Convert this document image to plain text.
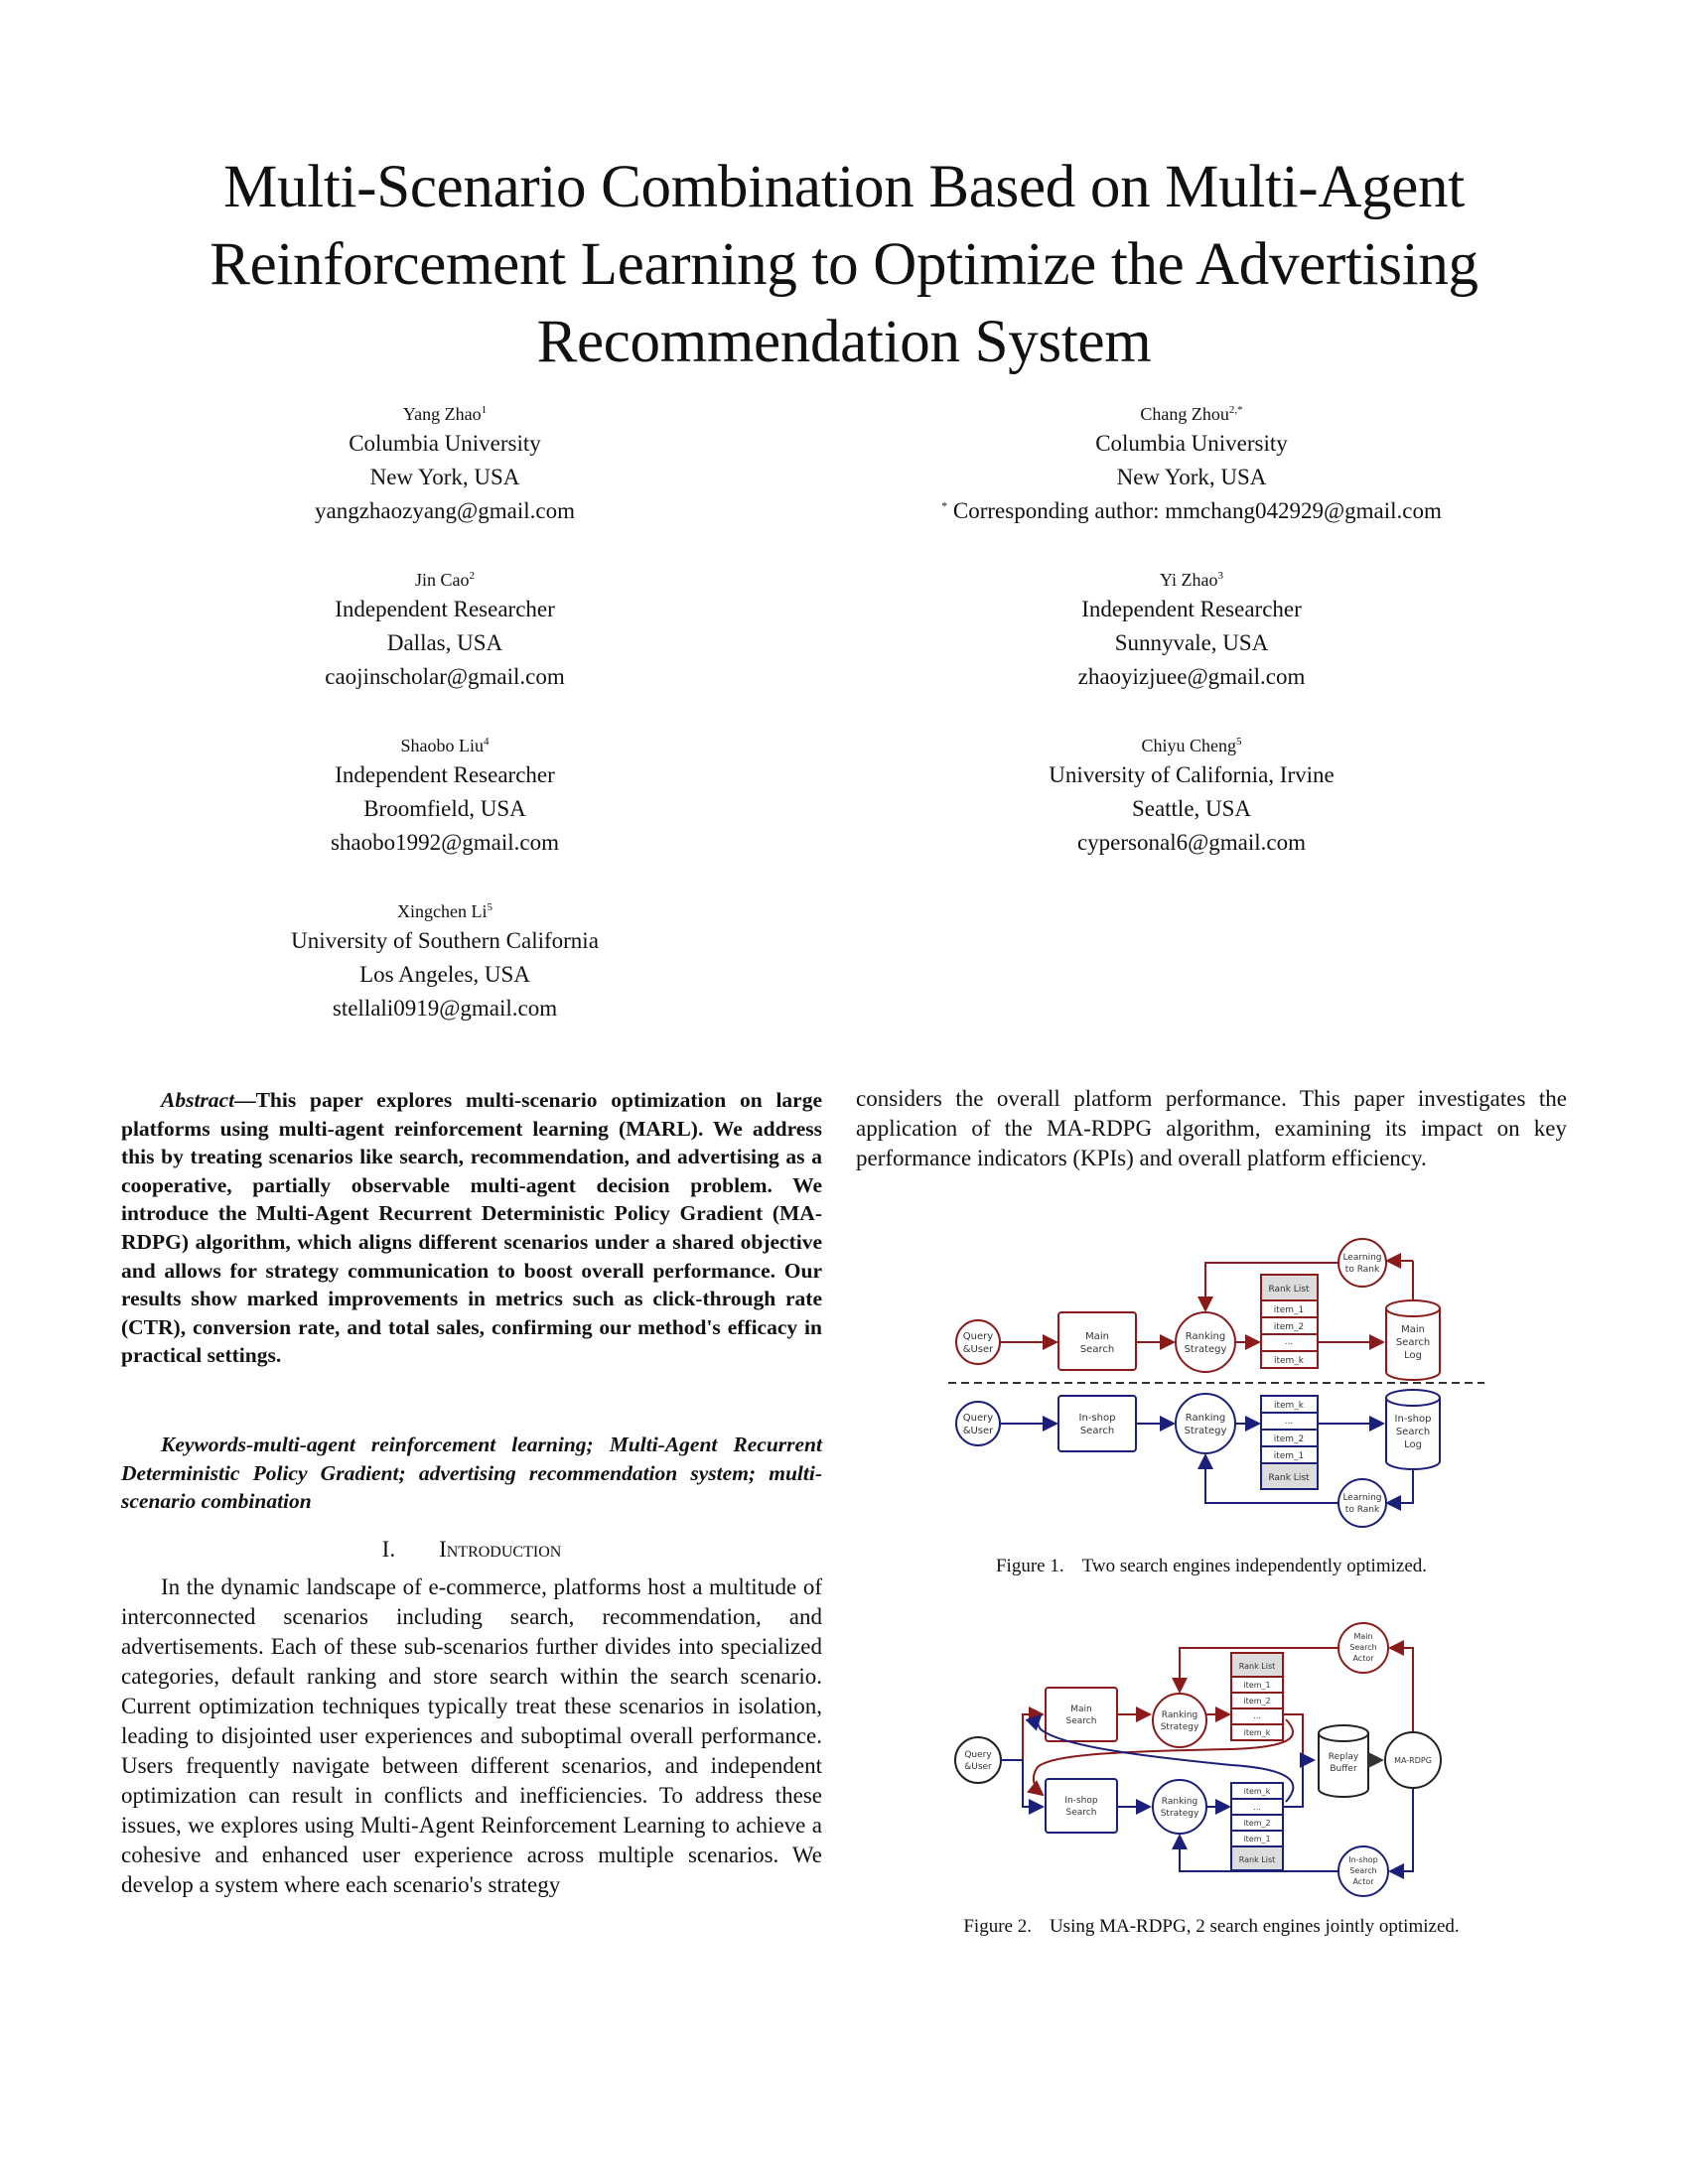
Multi-Scenario Combination Based on Multi-Agent
Reinforcement Learning to Optimize the Advertising
Recommendation System
Yang Zhao$^1$
Columbia University
New York, USA
yangzhaozyang@gmail.com
Chang Zhou$^{2,*}$
Columbia University
New York, USA
* Corresponding author: mmchang042929@gmail.com
Jin Cao$^2$
Independent Researcher
Dallas, USA
caojinscholar@gmail.com
Yi Zhao$^3$
Independent Researcher
Sunnyvale, USA
zhaoyizjuee@gmail.com
Shaobo Liu$^4$
Independent Researcher
Broomfield, USA
shaobo1992@gmail.com
Chiyu Cheng$^5$
University of California, Irvine
Seattle, USA
cypersonal6@gmail.com
Xingchen Li$^5$
University of Southern California
Los Angeles, USA
stellali0919@gmail.com

Abstract—This paper explores multi-scenario optimization on large platforms using multi-agent reinforcement learning (MARL). We address this by treating scenarios like search, recommendation, and advertising as a cooperative, partially observable multi-agent decision problem. We introduce the Multi-Agent Recurrent Deterministic Policy Gradient (MA-RDPG) algorithm, which aligns different scenarios under a shared objective and allows for strategy communication to boost overall performance. Our results show marked improvements in metrics such as click-through rate (CTR), conversion rate, and total sales, confirming our method's efficacy in practical settings.

Keywords-multi-agent reinforcement learning; Multi-Agent Recurrent Deterministic Policy Gradient; advertising recommendation system; multi-scenario combination

I. Introduction

In the dynamic landscape of e-commerce, platforms host a multitude of interconnected scenarios including search, recommendation, and advertisements. Each of these sub-scenarios further divides into specialized categories, default ranking and store search within the search scenario. Current optimization techniques typically treat these scenarios in isolation, leading to disjointed user experiences and suboptimal overall performance. Users frequently navigate between different scenarios, and independent optimization can result in conflicts and inefficiencies. To address these issues, we explores using Multi-Agent Reinforcement Learning to achieve a cohesive and enhanced user experience across multiple scenarios. We develop a system where each scenario's strategy

considers the overall platform performance. This paper investigates the application of the MA-RDPG algorithm, examining its impact on key performance indicators (KPIs) and overall platform efficiency.

Query
&User
Main
Search
Ranking
Strategy
Rank List
item_1
item_2
...
item_k
Main
Search
Log
Learning
to Rank
Query
&User
In-shop
Search
Ranking
Strategy
item_k
...
item_2
item_1
Rank List
In-shop
Search
Log
Learning
to Rank
Figure 1. Two search engines independently optimized.
Query
&User
Main
Search
Ranking
Strategy
Rank List
item_1
item_2
...
item_k
Main
Search
Actor
In-shop
Search
Ranking
Strategy
item_k
...
item_2
item_1
Rank List	In-shop
Search
Actor
Replay
Buffer
MA-RDPG
Figure 2. Using MA-RDPG, 2 search engines jointly optimized.
